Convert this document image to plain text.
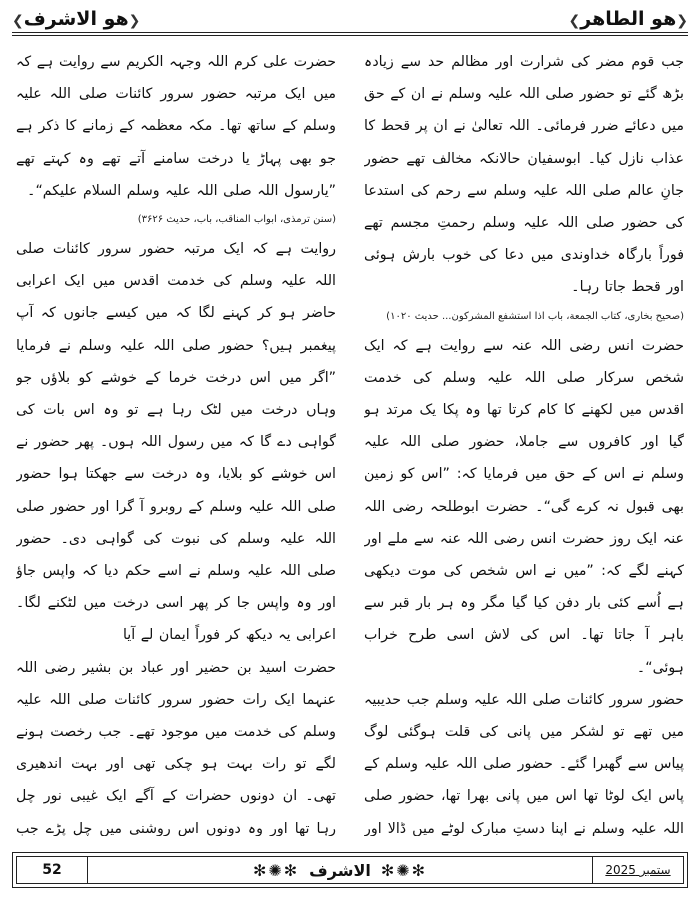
❮هو الطاهر❯
❮هو الاشرف❯

جب قوم مضر کی شرارت اور مظالم حد سے زیادہ بڑھ گئے تو حضور صلی اللہ علیہ وسلم نے ان کے حق میں دعائے ضرر فرمائی۔ اللہ تعالیٰ نے ان پر قحط کا عذاب نازل کیا۔ ابوسفیان حالانکہ مخالف تھے حضور جانِ عالم صلی اللہ علیہ وسلم سے رحم کی استدعا کی حضور صلی اللہ علیہ وسلم رحمتِ مجسم تھے فوراً بارگاہ خداوندی میں دعا کی خوب بارش ہوئی اور قحط جاتا رہا۔

(صحیح بخاری، کتاب الجمعة، باب اذا استشفع المشرکون... حدیث ۱۰۲۰)

حضرت انس رضی اللہ عنہ سے روایت ہے کہ ایک شخص سرکار صلی اللہ علیہ وسلم کی خدمت اقدس میں لکھنے کا کام کرتا تھا وہ پکا یک مرتد ہو گیا اور کافروں سے جاملا، حضور صلی اللہ علیہ وسلم نے اس کے حق میں فرمایا کہ: ”اس کو زمین بھی قبول نہ کرے گی“۔ حضرت ابوطلحہ رضی اللہ عنہ ایک روز حضرت انس رضی اللہ عنہ سے ملے اور کہنے لگے کہ: ”میں نے اس شخص کی موت دیکھی ہے اُسے کئی بار دفن کیا گیا مگر وہ ہر بار قبر سے باہر آ جاتا تھا۔ اس کی لاش اسی طرح خراب ہوئی“۔

حضور سرور کائنات صلی اللہ علیہ وسلم جب حدیبیہ میں تھے تو لشکر میں پانی کی قلت ہوگئی لوگ پیاس سے گھبرا گئے۔ حضور صلی اللہ علیہ وسلم کے پاس ایک لوٹا تھا اس میں پانی بھرا تھا، حضور صلی اللہ علیہ وسلم نے اپنا دستِ مبارک لوٹے میں ڈالا اور

حضرت علی کرم اللہ وجہہ الکریم سے روایت ہے کہ میں ایک مرتبہ حضور سرور کائنات صلی اللہ علیہ وسلم کے ساتھ تھا۔ مکہ معظمہ کے زمانے کا ذکر ہے جو بھی پہاڑ یا درخت سامنے آتے تھے وہ کہتے تھے ”یارسول اللہ صلی اللہ علیہ وسلم السلام علیکم“۔

(سنن ترمذی، ابواب المناقب، باب، حدیث ۳۶۲۶)

روایت ہے کہ ایک مرتبہ حضور سرور کائنات صلی اللہ علیہ وسلم کی خدمت اقدس میں ایک اعرابی حاضر ہو کر کہنے لگا کہ میں کیسے جانوں کہ آپ پیغمبر ہیں؟ حضور صلی اللہ علیہ وسلم نے فرمایا ”اگر میں اس درخت خرما کے خوشے کو بلاؤں جو وہاں درخت میں لٹک رہا ہے تو وہ اس بات کی گواہی دے گا کہ میں رسول اللہ ہوں۔ پھر حضور نے اس خوشے کو بلایا، وہ درخت سے جھکتا ہوا حضور صلی اللہ علیہ وسلم کے روبرو آ گرا اور حضور صلی اللہ علیہ وسلم کی نبوت کی گواہی دی۔ حضور صلی اللہ علیہ وسلم نے اسے حکم دیا کہ واپس جاؤ اور وہ واپس جا کر پھر اسی درخت میں لٹکنے لگا۔ اعرابی یہ دیکھ کر فوراً ایمان لے آیا

حضرت اسید بن حضیر اور عباد بن بشیر رضی اللہ عنہما ایک رات حضور سرور کائنات صلی اللہ علیہ وسلم کی خدمت میں موجود تھے۔ جب رخصت ہونے لگے تو رات بہت ہو چکی تھی اور بہت اندھیری تھی۔ ان دونوں حضرات کے آگے ایک غیبی نور چل رہا تھا اور وہ دونوں اس روشنی میں چل پڑے جب

52	✻✺✻
الاشرف
✻✺✻	ستمبر 2025
